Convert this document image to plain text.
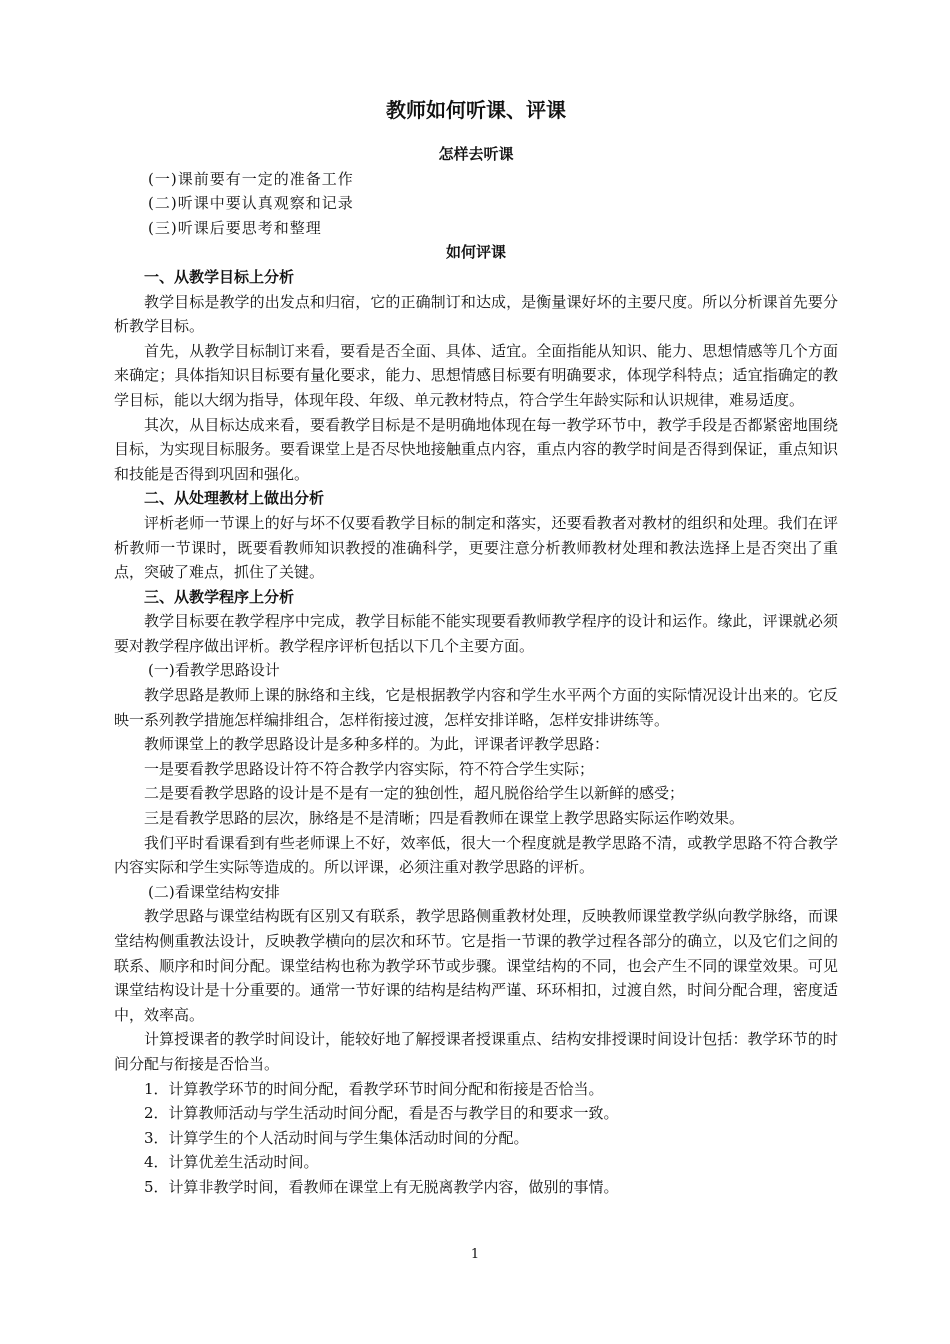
教师如何听课、评课
怎样去听课
(一)课前要有一定的准备工作
(二)听课中要认真观察和记录
(三)听课后要思考和整理
如何评课
一、从教学目标上分析

教学目标是教学的出发点和归宿，它的正确制订和达成，是衡量课好坏的主要尺度。所以分析课首先要分析教学目标。

首先，从教学目标制订来看，要看是否全面、具体、适宜。全面指能从知识、能力、思想情感等几个方面来确定；具体指知识目标要有量化要求，能力、思想情感目标要有明确要求，体现学科特点；适宜指确定的教学目标，能以大纲为指导，体现年段、年级、单元教材特点，符合学生年龄实际和认识规律，难易适度。

其次，从目标达成来看，要看教学目标是不是明确地体现在每一教学环节中，教学手段是否都紧密地围绕目标，为实现目标服务。要看课堂上是否尽快地接触重点内容，重点内容的教学时间是否得到保证，重点知识和技能是否得到巩固和强化。

二、从处理教材上做出分析

评析老师一节课上的好与坏不仅要看教学目标的制定和落实，还要看教者对教材的组织和处理。我们在评析教师一节课时，既要看教师知识教授的准确科学，更要注意分析教师教材处理和教法选择上是否突出了重点，突破了难点，抓住了关键。

三、从教学程序上分析

教学目标要在教学程序中完成，教学目标能不能实现要看教师教学程序的设计和运作。缘此，评课就必须要对教学程序做出评析。教学程序评析包括以下几个主要方面。

(一)看教学思路设计

教学思路是教师上课的脉络和主线，它是根据教学内容和学生水平两个方面的实际情况设计出来的。它反映一系列教学措施怎样编排组合，怎样衔接过渡，怎样安排详略，怎样安排讲练等。

教师课堂上的教学思路设计是多种多样的。为此，评课者评教学思路：
一是要看教学思路设计符不符合教学内容实际，符不符合学生实际；
二是要看教学思路的设计是不是有一定的独创性，超凡脱俗给学生以新鲜的感受；
三是看教学思路的层次，脉络是不是清晰；四是看教师在课堂上教学思路实际运作哟效果。

我们平时看课看到有些老师课上不好，效率低，很大一个程度就是教学思路不清，或教学思路不符合教学内容实际和学生实际等造成的。所以评课，必须注重对教学思路的评析。

(二)看课堂结构安排

教学思路与课堂结构既有区别又有联系，教学思路侧重教材处理，反映教师课堂教学纵向教学脉络，而课堂结构侧重教法设计，反映教学横向的层次和环节。它是指一节课的教学过程各部分的确立，以及它们之间的联系、顺序和时间分配。课堂结构也称为教学环节或步骤。课堂结构的不同，也会产生不同的课堂效果。可见课堂结构设计是十分重要的。通常一节好课的结构是结构严谨、环环相扣，过渡自然，时间分配合理，密度适中，效率高。

计算授课者的教学时间设计，能较好地了解授课者授课重点、结构安排授课时间设计包括：教学环节的时间分配与衔接是否恰当。

1．计算教学环节的时间分配，看教学环节时间分配和衔接是否恰当。
2．计算教师活动与学生活动时间分配，看是否与教学目的和要求一致。
3．计算学生的个人活动时间与学生集体活动时间的分配。
4．计算优差生活动时间。
5．计算非教学时间，看教师在课堂上有无脱离教学内容，做别的事情。
1
